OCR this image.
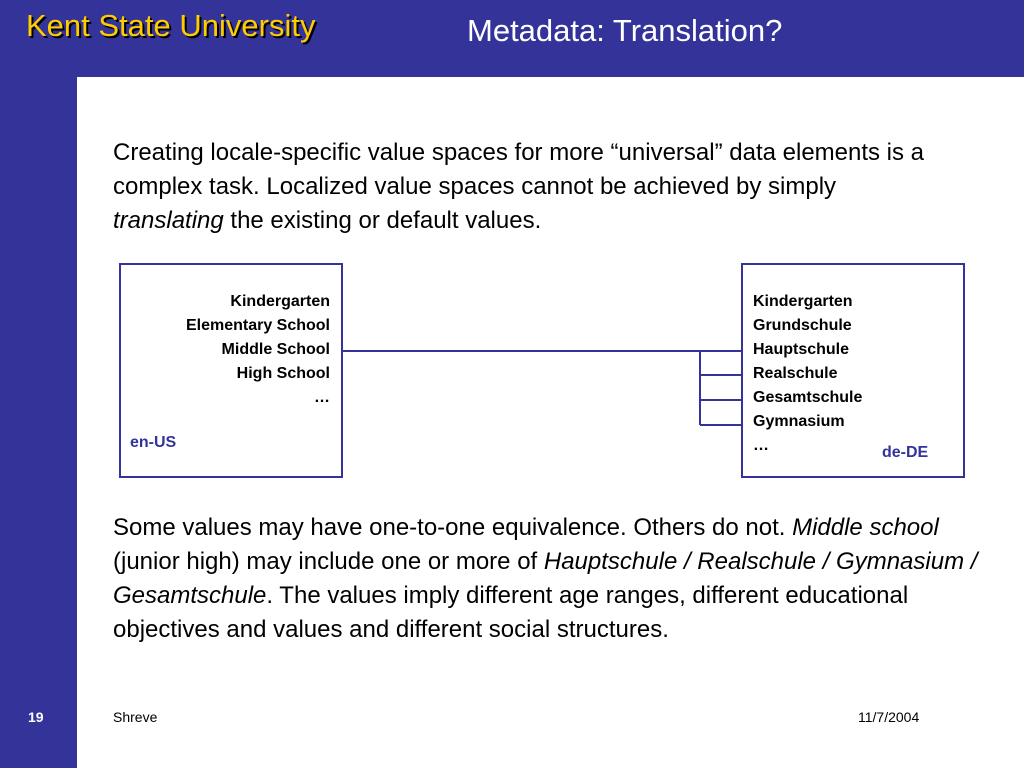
Kent State University	Metadata: Translation?

Creating locale-specific value spaces for more “universal” data elements is a complex task. Localized value spaces cannot be achieved by simply translating the existing or default values.

Kindergarten
Elementary School
Middle School
High School
…
en-US
Kindergarten
Grundschule
Hauptschule
Realschule
Gesamtschule
Gymnasium
…	de-DE

Some values may have one-to-one equivalence. Others do not. Middle school (junior high) may include one or more of Hauptschule / Realschule / Gymnasium / Gesamtschule. The values imply different age ranges, different educational objectives and values and different social structures.

19	Shreve	11/7/2004
